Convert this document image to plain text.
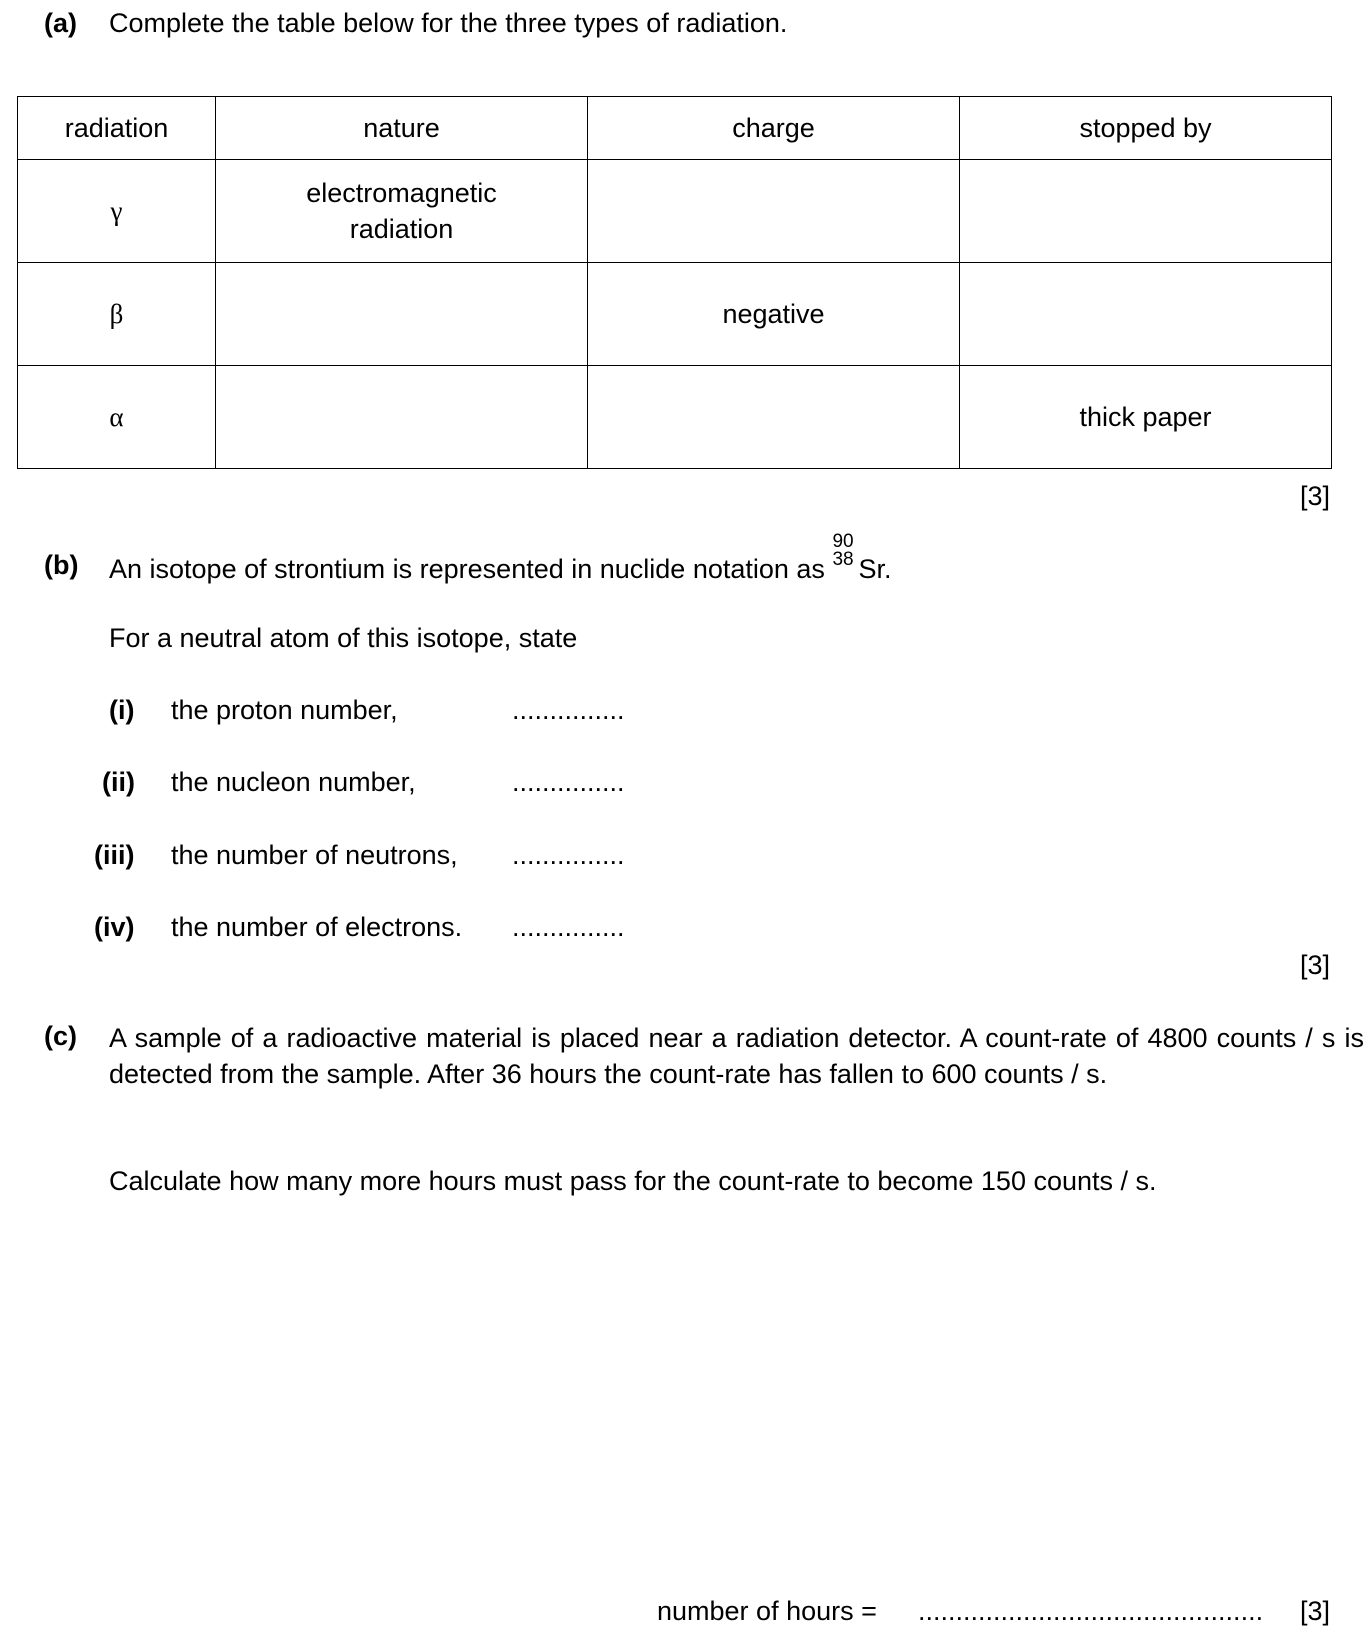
(a) Complete the table below for the three types of radiation.
radiation	nature	charge	stopped by
γ	electromagnetic
radiation		

β		negative	
α			thick paper
[3]
(b) An isotope of strontium is represented in nuclide notation as
90
38 Sr.
For a neutral atom of this isotope, state
(i) the proton number,	...............
(ii) the nucleon number,	...............
(iii) the number of neutrons, ...............
(iv) the number of electrons. ...............
[3]
(c) A sample of a radioactive material is placed near a radiation detector. A count-rate of 4800 counts / s is detected from the sample. After 36 hours the count-rate has fallen to 600 counts / s.
Calculate how many more hours must pass for the count-rate to become 150 counts / s.
number of hours = .............................................. [3]
